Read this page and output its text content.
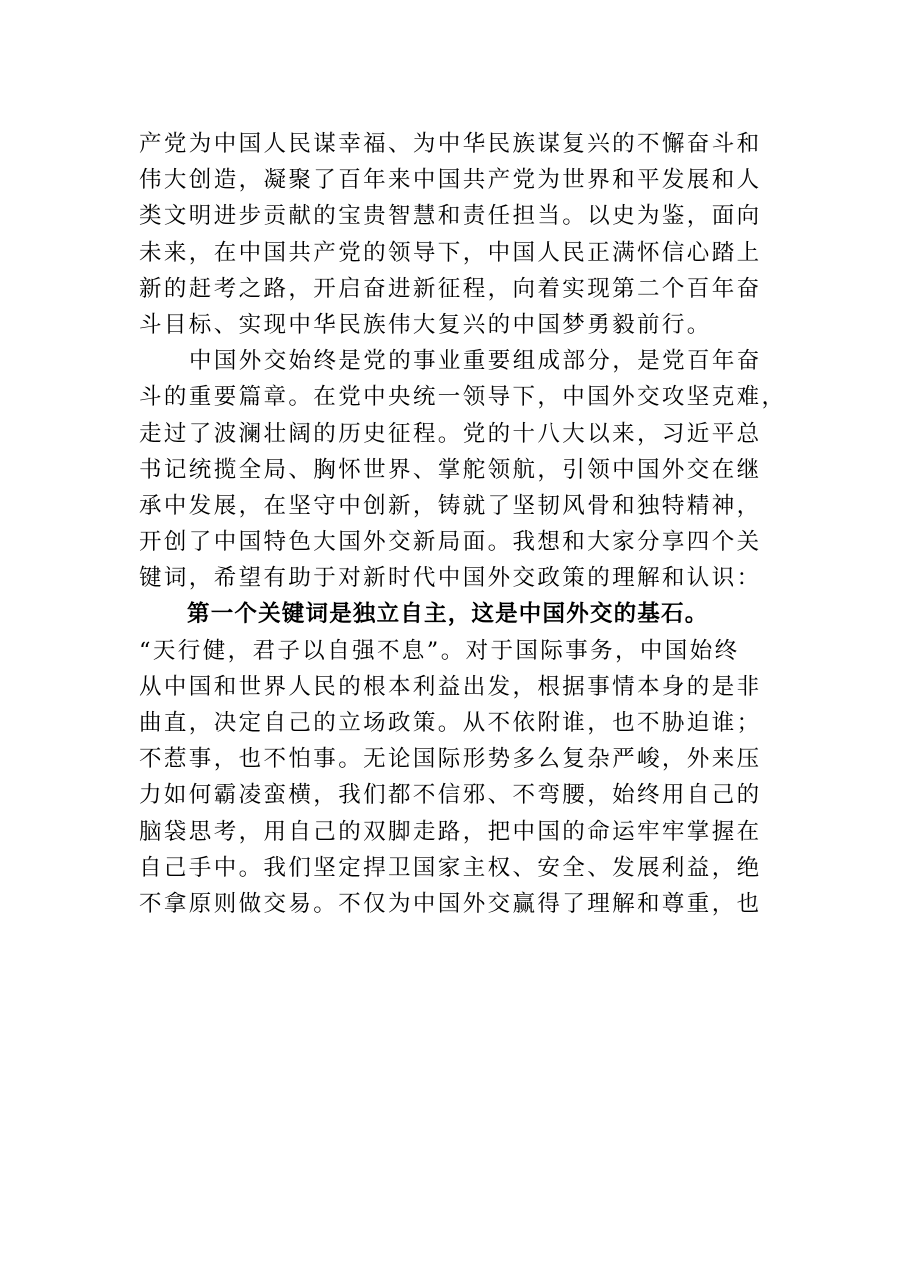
产党为中国人民谋幸福、为中华民族谋复兴的不懈奋斗和
伟大创造，凝聚了百年来中国共产党为世界和平发展和人
类文明进步贡献的宝贵智慧和责任担当。以史为鉴，面向
未来，在中国共产党的领导下，中国人民正满怀信心踏上
新的赶考之路，开启奋进新征程，向着实现第二个百年奋
斗目标、实现中华民族伟大复兴的中国梦勇毅前行。
中国外交始终是党的事业重要组成部分，是党百年奋
斗的重要篇章。在党中央统一领导下，中国外交攻坚克难，
走过了波澜壮阔的历史征程。党的十八大以来，习近平总
书记统揽全局、胸怀世界、掌舵领航，引领中国外交在继
承中发展，在坚守中创新，铸就了坚韧风骨和独特精神，
开创了中国特色大国外交新局面。我想和大家分享四个关
键词，希望有助于对新时代中国外交政策的理解和认识：
第一个关键词是独立自主，这是中国外交的基石。
“天行健，君子以自强不息”。对于国际事务，中国始终
从中国和世界人民的根本利益出发，根据事情本身的是非
曲直，决定自己的立场政策。从不依附谁，也不胁迫谁；
不惹事，也不怕事。无论国际形势多么复杂严峻，外来压
力如何霸凌蛮横，我们都不信邪、不弯腰，始终用自己的
脑袋思考，用自己的双脚走路，把中国的命运牢牢掌握在
自己手中。我们坚定捍卫国家主权、安全、发展利益，绝
不拿原则做交易。不仅为中国外交赢得了理解和尊重，也
